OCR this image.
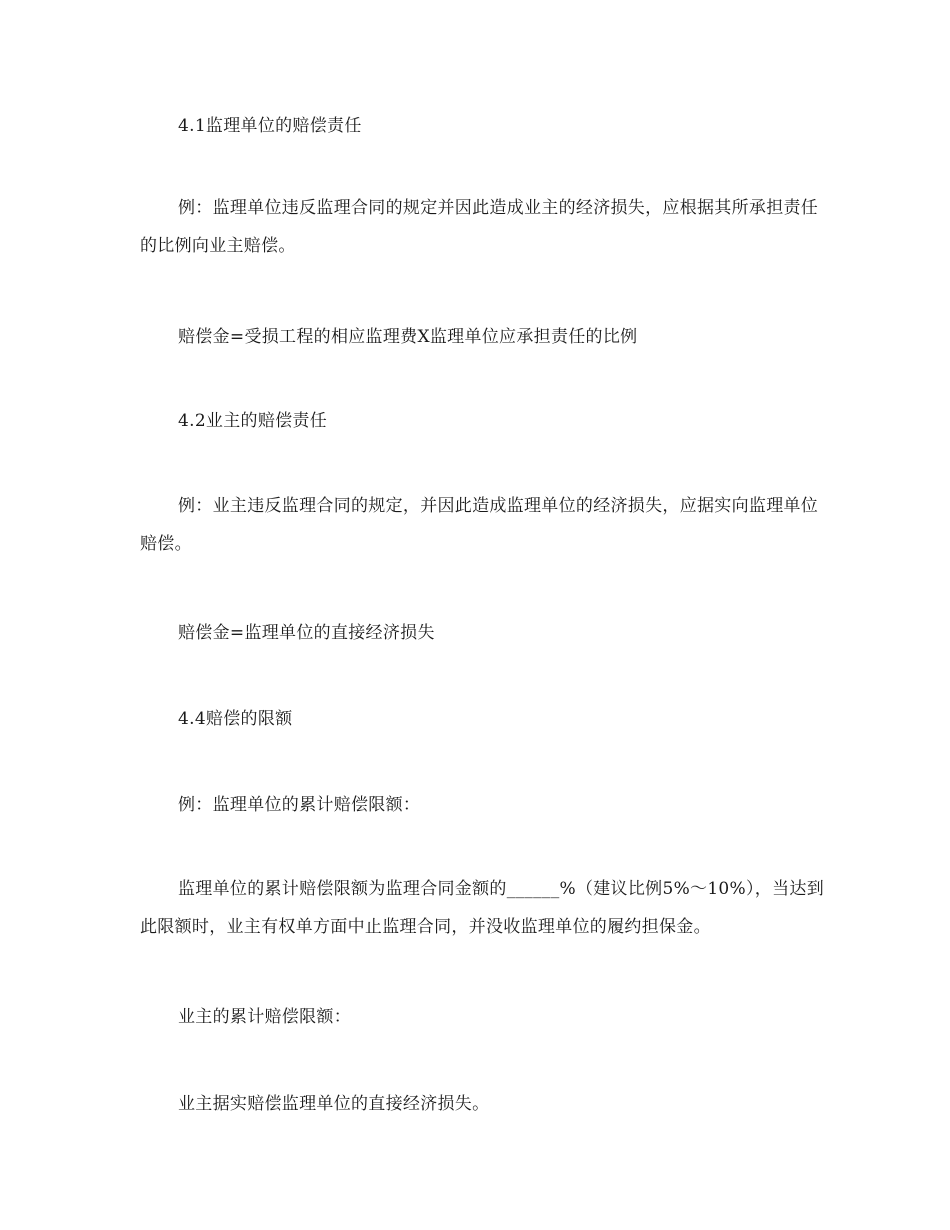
4.1监理单位的赔偿责任

例：监理单位违反监理合同的规定并因此造成业主的经济损失，应根据其所承担责任的比例向业主赔偿。

赔偿金=受损工程的相应监理费X监理单位应承担责任的比例

4.2业主的赔偿责任

例：业主违反监理合同的规定，并因此造成监理单位的经济损失，应据实向监理单位赔偿。

赔偿金=监理单位的直接经济损失

4.4赔偿的限额

例：监理单位的累计赔偿限额：

监理单位的累计赔偿限额为监理合同金额的______%（建议比例5%～10%），当达到此限额时，业主有权单方面中止监理合同，并没收监理单位的履约担保金。

业主的累计赔偿限额：

业主据实赔偿监理单位的直接经济损失。
